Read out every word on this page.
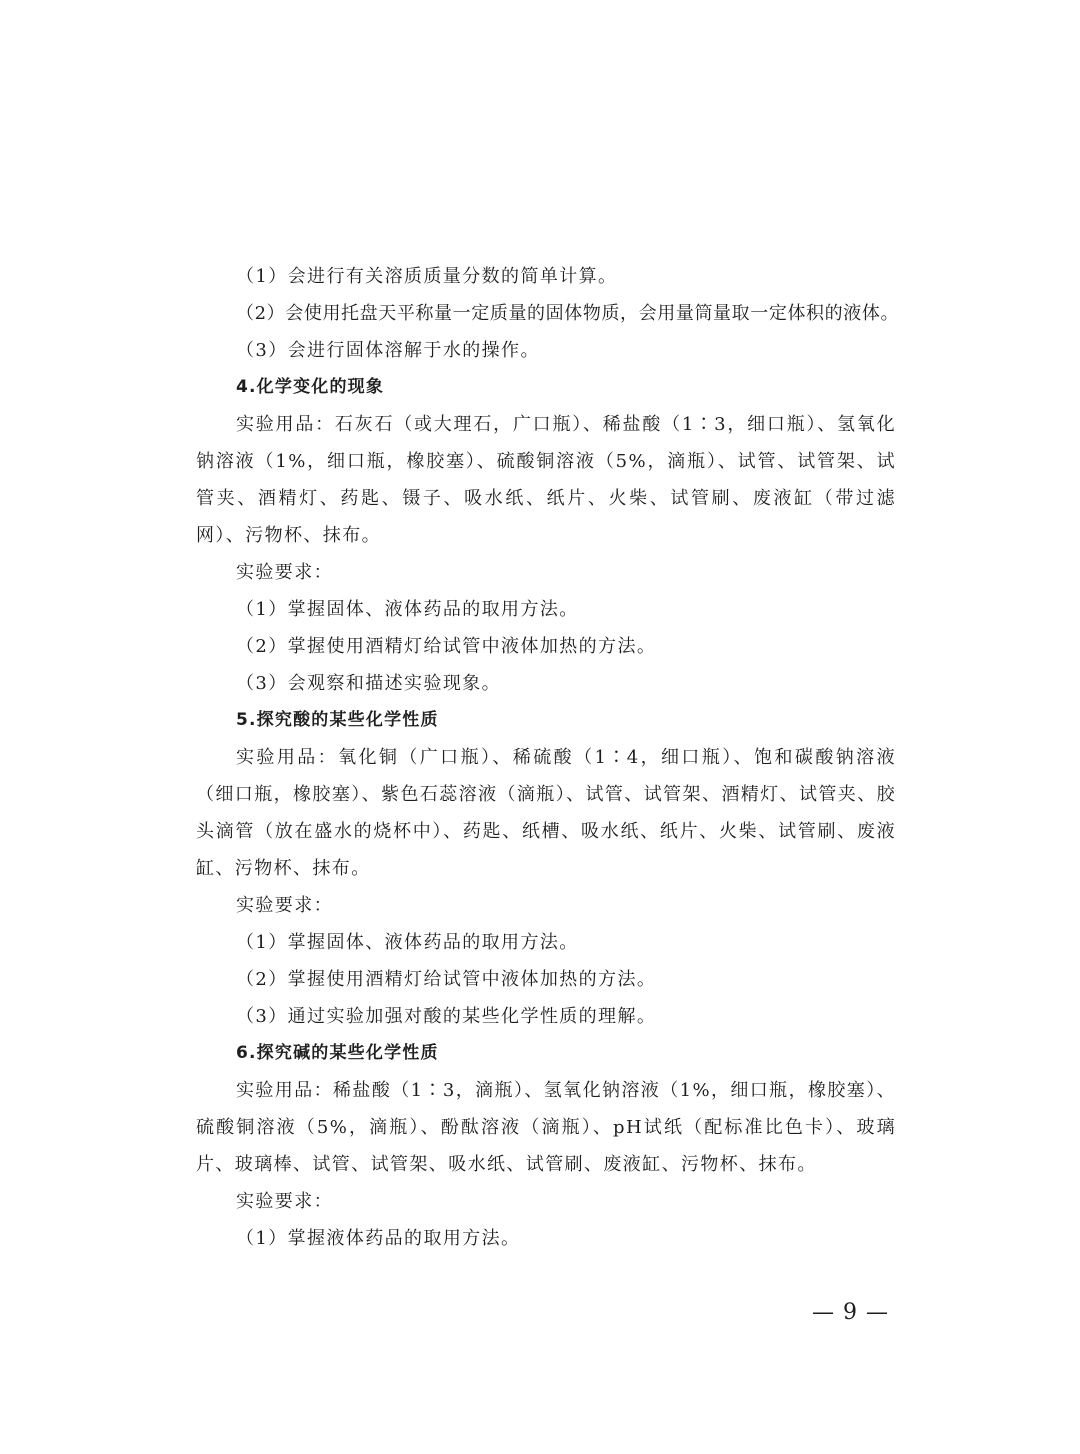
（1）会进行有关溶质质量分数的简单计算。
（2）会使用托盘天平称量一定质量的固体物质，会用量筒量取一定体积的液体。
（3）会进行固体溶解于水的操作。
4.化学变化的现象
实验用品：石灰石（或大理石，广口瓶）、稀盐酸（1∶3，细口瓶）、氢氧化钠溶液（1%，细口瓶，橡胶塞）、硫酸铜溶液（5%，滴瓶）、试管、试管架、试管夹、酒精灯、药匙、镊子、吸水纸、纸片、火柴、试管刷、废液缸（带过滤网）、污物杯、抹布。
实验要求：
（1）掌握固体、液体药品的取用方法。
（2）掌握使用酒精灯给试管中液体加热的方法。
（3）会观察和描述实验现象。
5.探究酸的某些化学性质
实验用品：氧化铜（广口瓶）、稀硫酸（1∶4，细口瓶）、饱和碳酸钠溶液（细口瓶，橡胶塞）、紫色石蕊溶液（滴瓶）、试管、试管架、酒精灯、试管夹、胶头滴管（放在盛水的烧杯中）、药匙、纸槽、吸水纸、纸片、火柴、试管刷、废液缸、污物杯、抹布。
实验要求：
（1）掌握固体、液体药品的取用方法。
（2）掌握使用酒精灯给试管中液体加热的方法。
（3）通过实验加强对酸的某些化学性质的理解。
6.探究碱的某些化学性质
实验用品：稀盐酸（1∶3，滴瓶）、氢氧化钠溶液（1%，细口瓶，橡胶塞）、硫酸铜溶液（5%，滴瓶）、酚酞溶液（滴瓶）、pH试纸（配标准比色卡）、玻璃片、玻璃棒、试管、试管架、吸水纸、试管刷、废液缸、污物杯、抹布。
实验要求：
（1）掌握液体药品的取用方法。
— 9 —
